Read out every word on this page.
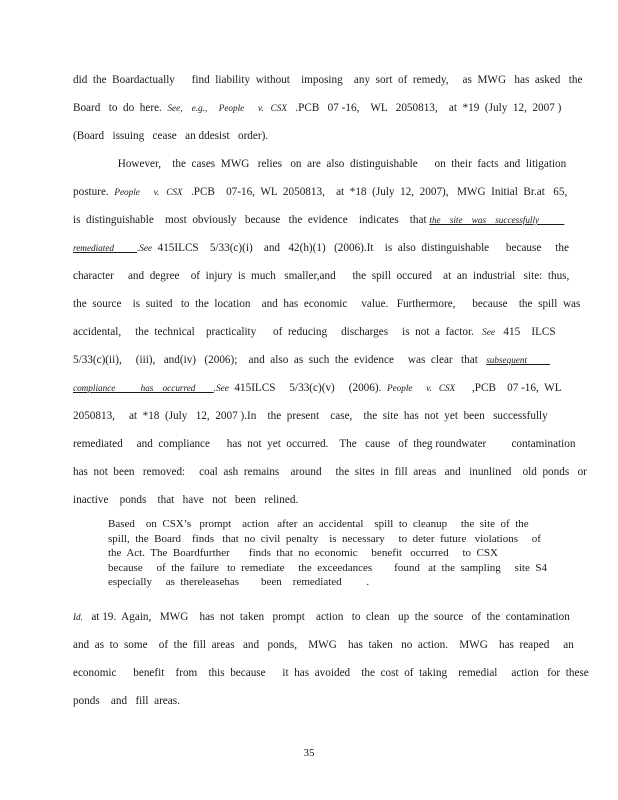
did  the  Boardactually      find  liability  without    imposing    any  sort  of  remedy,     as  MWG   has  asked   the
Board   to  do  here.  See,    e.g.,     People      v.   CSX   .PCB   07 -16,    WL   2050813,    at  *19  (July  12,  2007 )
(Board   issuing   cease   an ddesist   order).
However,    the  cases  MWG   relies   on  are  also  distinguishable      on  their  facts  and  litigation
posture.  People      v.   CSX   .PCB    07-16,  WL  2050813,    at  *18  (July  12,  2007),   MWG  Initial  Br.at   65,
is  distinguishable    most  obviously   because   the  evidence    indicates    that the    site    was    successfully
remediated          .See  415ILCS    5/33(c)(i)    and   42(h)(1)   (2006).It    is  also  distinguishable      because     the
character     and  degree    of  injury  is  much   smaller,and      the  spill  occured    at  an  industrial   site:  thus,
the  source    is  suited   to  the  location    and  has  economic     value.   Furthermore,      because    the  spill  was
accidental,     the  technical    practicality      of  reducing     discharges     is  not  a  factor.   See   415    ILCS
5/33(c)(ii),     (iii),   and(iv)   (2006);    and  also  as  such  the  evidence     was  clear   that   subsequent
compliance           has    occurred        .See  415ILCS     5/33(c)(v)     (2006).  People      v.   CSX      ,PCB    07 -16,  WL
2050813,     at  *18  (July   12,  2007 ).In    the  present    case,    the  site  has  not  yet  been   successfully
remediated     and  compliance      has  not  yet  occurred.    The   cause   of  theg roundwater         contamination
has  not  been   removed:     coal  ash  remains    around     the  sites  in  fill  areas   and   inunlined    old  ponds   or
inactive    ponds    that   have   not   been   relined.
Based    on  CSX’s   prompt    action   after  an  accidental    spill  to  cleanup     the  site  of  the
spill,  the  Board    finds   that  no  civil  penalty    is  necessary     to  deter  future   violations     of
the  Act.  The  Boardfurther       finds  that  no  economic     benefit   occurred     to  CSX
because     of  the  failure   to  remediate     the  exceedances        found   at  the  sampling     site  S4
especially     as  thereleasehas        been    remediated         .
Id.   at 19.  Again,   MWG    has  not  taken   prompt    action   to  clean   up  the  source   of  the  contamination
and  as  to  some    of  the  fill  areas   and   ponds,    MWG    has  taken   no  action.    MWG    has  reaped     an
economic      benefit    from    this  because      it  has  avoided    the  cost  of  taking    remedial     action   for  these
ponds    and   fill  areas.
35
